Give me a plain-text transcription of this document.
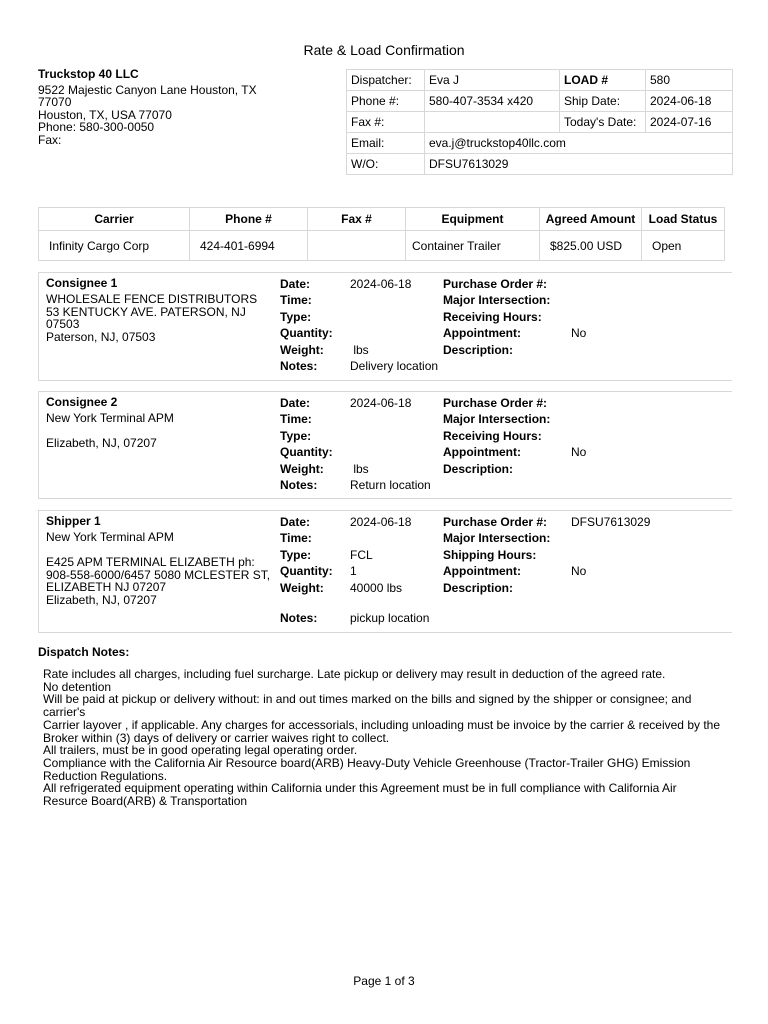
Rate & Load Confirmation
Truckstop 40 LLC
9522 Majestic Canyon Lane Houston, TX 77070
Houston, TX, USA 77070
Phone: 580-300-0050
Fax:
Dispatcher:	Eva J	LOAD #	580
Phone #:	580-407-3534 x420	Ship Date:	2024-06-18
Fax #:		Today's Date:	2024-07-16
Email:	eva.j@truckstop40llc.com		
W/O:	DFSU7613029		
Carrier	Phone #	Fax #	Equipment	Agreed Amount	Load Status
Infinity Cargo Corp	424-401-6994		Container Trailer	$825.00 USD	Open
Consignee 1
WHOLESALE FENCE DISTRIBUTORS
53 KENTUCKY AVE. PATERSON, NJ 07503
Paterson, NJ, 07503
Date:	2024-06-18
Time:
Type:
Quantity:
Weight: lbs
Notes:	Delivery location
Purchase Order #:
Major Intersection:
Receiving Hours:
Appointment:	No
Description:
Consignee 2
New York Terminal APM
Elizabeth, NJ, 07207
Date:	2024-06-18
Time:
Type:
Quantity:
Weight: lbs
Notes:	Return location
Purchase Order #:
Major Intersection:
Receiving Hours:
Appointment:	No
Description:
Shipper 1
New York Terminal APM
E425 APM TERMINAL ELIZABETH ph: 908-558-6000/6457 5080 MCLESTER ST, ELIZABETH NJ 07207
Elizabeth, NJ, 07207
Date:	2024-06-18
Time:
Type:	FCL
Quantity: 1
Weight: 40000 lbs
Notes:	pickup location
Purchase Order #: DFSU7613029
Major Intersection:
Shipping Hours:
Appointment:	No
Description:
Dispatch Notes:
Rate includes all charges, including fuel surcharge. Late pickup or delivery may result in deduction of the agreed rate.
No detention
Will be paid at pickup or delivery without: in and out times marked on the bills and signed by the shipper or consignee; and carrier's
Carrier layover , if applicable. Any charges for accessorials, including unloading must be invoice by the carrier & received by the Broker within (3) days of delivery or carrier waives right to collect.
All trailers, must be in good operating legal operating order.
Compliance with the California Air Resource board(ARB) Heavy-Duty Vehicle Greenhouse (Tractor-Trailer GHG) Emission Reduction Regulations.
All refrigerated equipment operating within California under this Agreement must be in full compliance with California Air Resurce Board(ARB) & Transportation
Page 1 of 3
